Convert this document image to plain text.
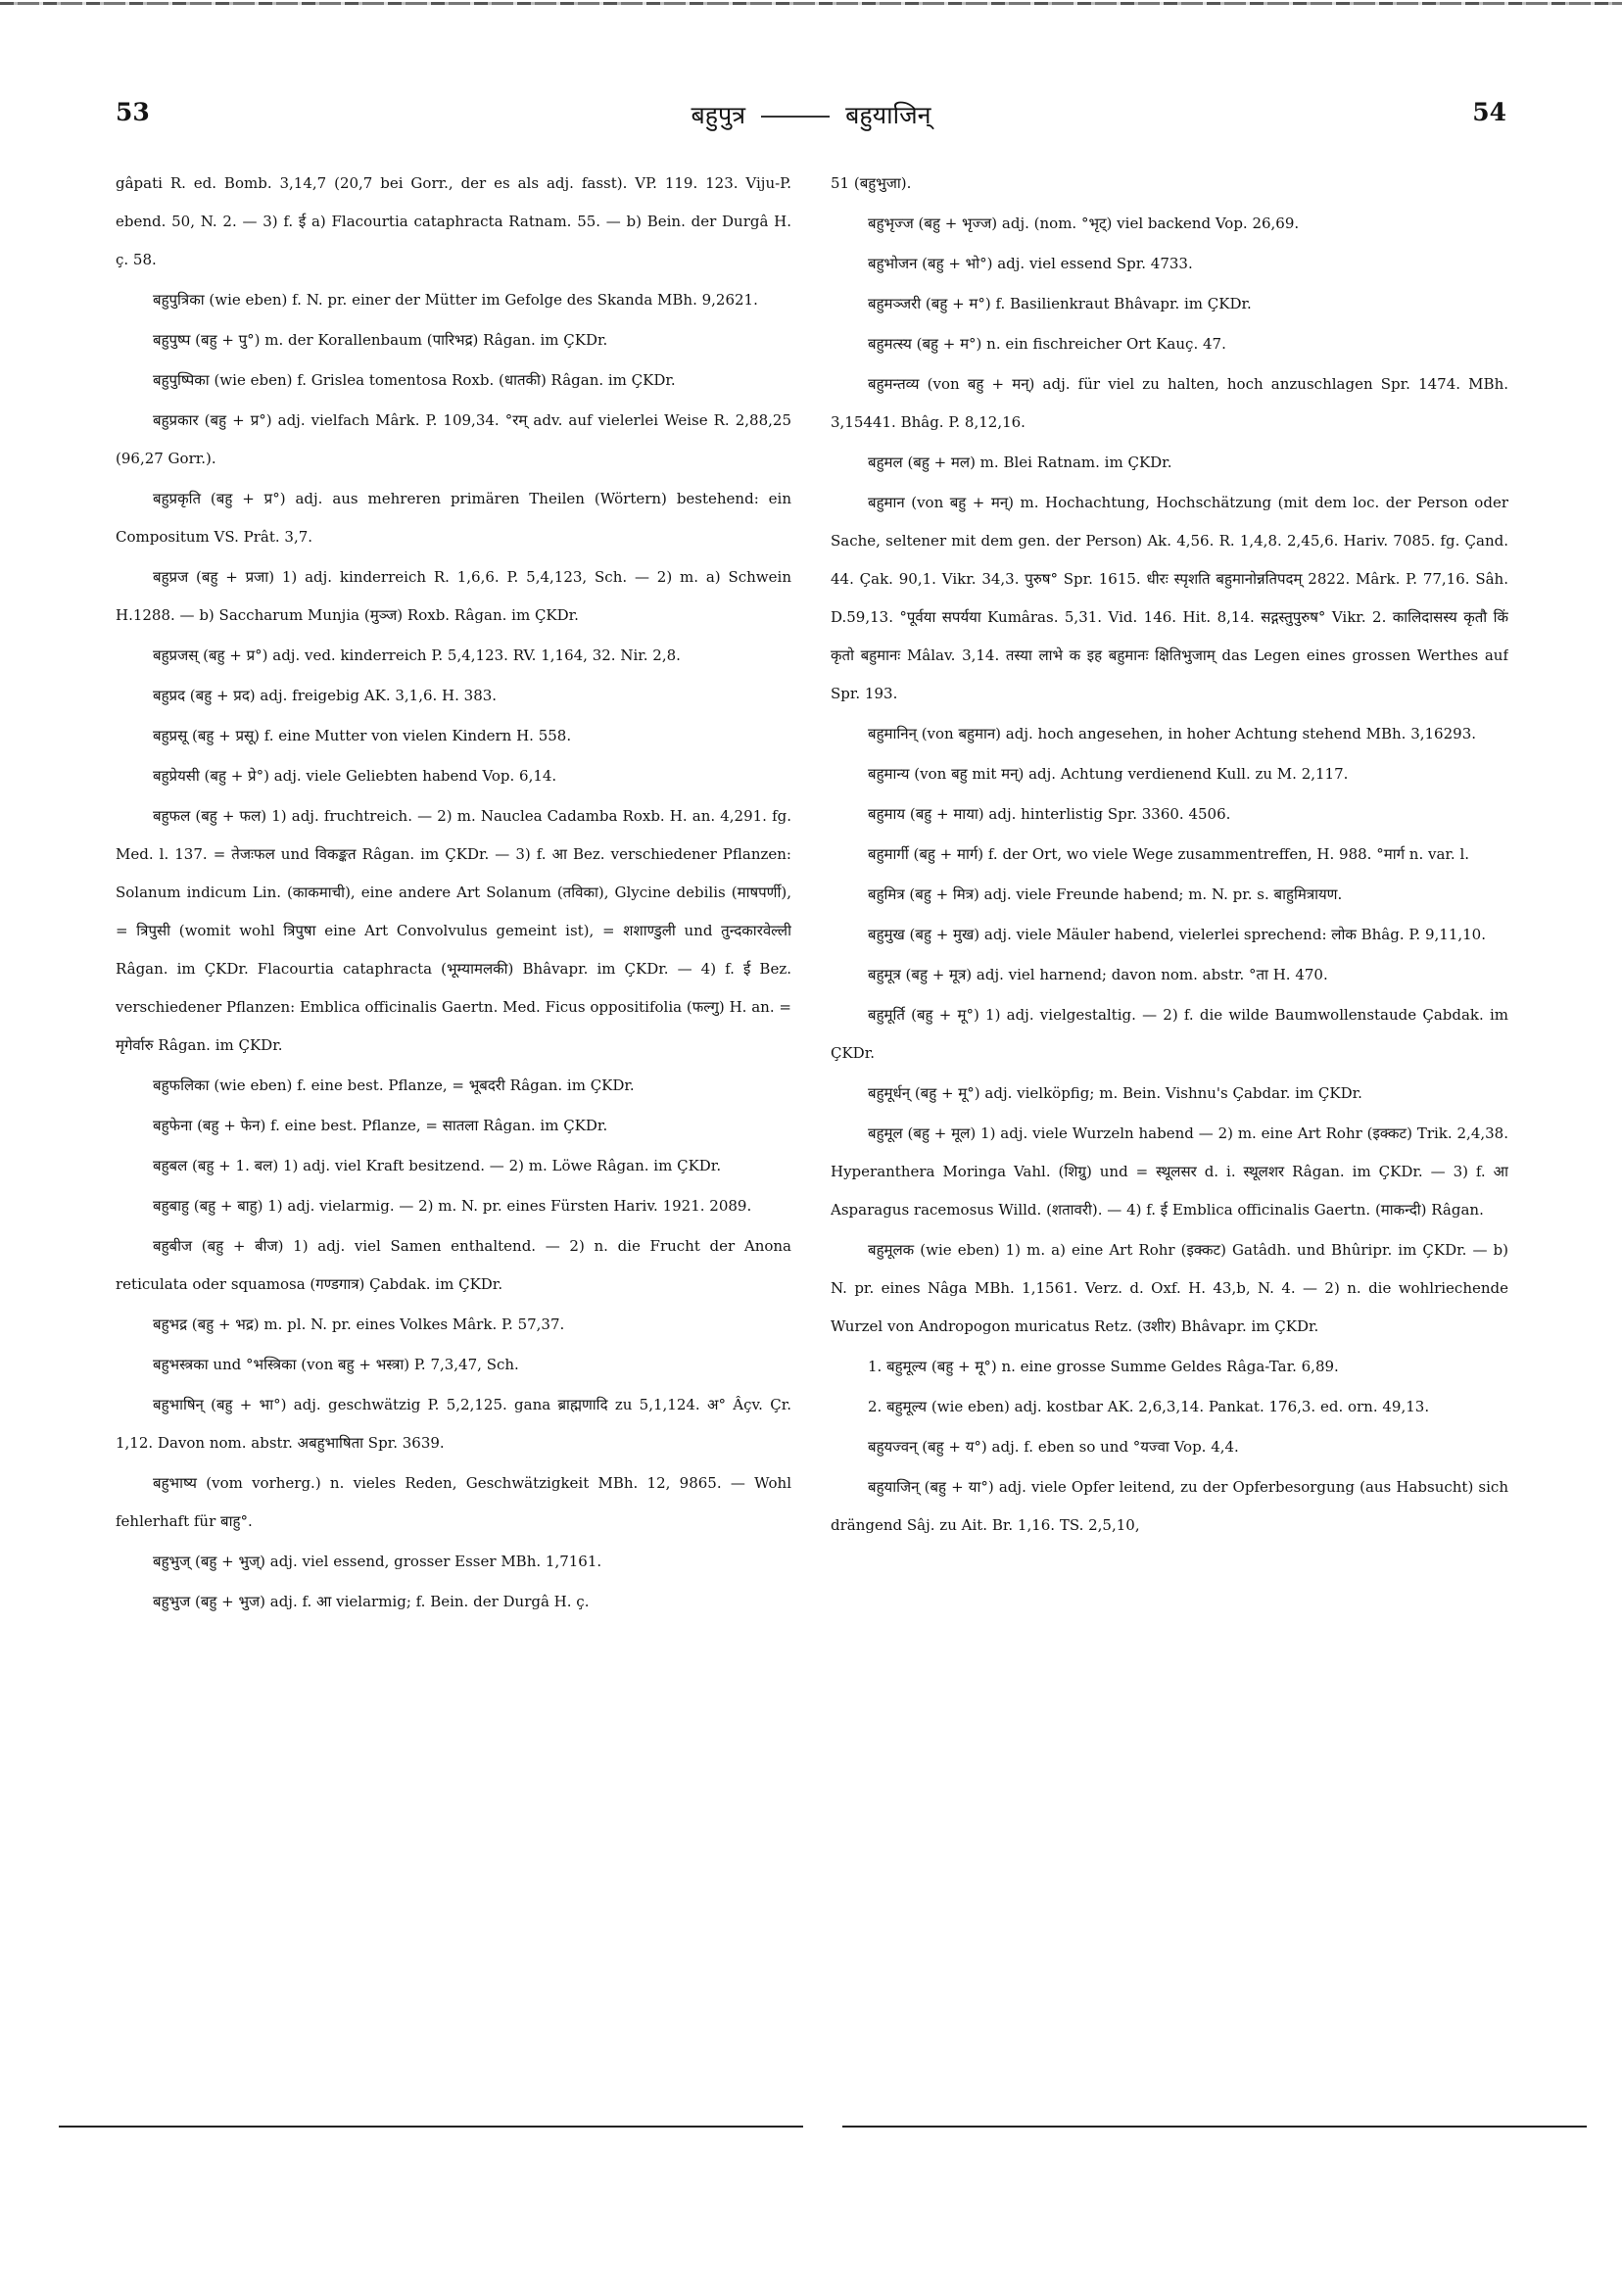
53	बहुपुत्र	बहुयाजिन्	54

gâpati R. ed. Bomb. 3,14,7 (20,7 bei Gorr., der es als adj. fasst). VP. 119. 123. Viju-P. ebend. 50, N. 2. — 3) f. ई a) Flacourtia cataphracta Ratnam. 55. — b) Bein. der Durgâ H. ç. 58.

बहुपुत्रिका (wie eben) f. N. pr. einer der Mütter im Gefolge des Skanda MBh. 9,2621.

बहुपुष्प (बहु + पु°) m. der Korallenbaum (पारिभद्र) Râgan. im ÇKDr.

बहुपुष्पिका (wie eben) f. Grislea tomentosa Roxb. (धातकी) Râgan. im ÇKDr.

बहुप्रकार (बहु + प्र°) adj. vielfach Mârk. P. 109,34. °रम् adv. auf vielerlei Weise R. 2,88,25 (96,27 Gorr.).

बहुप्रकृति (बहु + प्र°) adj. aus mehreren primären Theilen (Wörtern) bestehend: ein Compositum VS. Prât. 3,7.

बहुप्रज (बहु + प्रजा) 1) adj. kinderreich R. 1,6,6. P. 5,4,123, Sch. — 2) m. a) Schwein H.1288. — b) Saccharum Munjia (मुञ्ज) Roxb. Râgan. im ÇKDr.

बहुप्रजस् (बहु + प्र°) adj. ved. kinderreich P. 5,4,123. RV. 1,164, 32. Nir. 2,8.

बहुप्रद (बहु + प्रद) adj. freigebig AK. 3,1,6. H. 383.

बहुप्रसू (बहु + प्रसू) f. eine Mutter von vielen Kindern H. 558.

बहुप्रेयसी (बहु + प्रे°) adj. viele Geliebten habend Vop. 6,14.

बहुफल (बहु + फल) 1) adj. fruchtreich. — 2) m. Nauclea Cadamba Roxb. H. an. 4,291. fg. Med. l. 137. = तेजःफल und विकङ्कत Râgan. im ÇKDr. — 3) f. आ Bez. verschiedener Pflanzen: Solanum indicum Lin. (काकमाची), eine andere Art Solanum (तविका), Glycine debilis (माषपर्णी), = त्रिपुसी (womit wohl त्रिपुषा eine Art Convolvulus gemeint ist), = शशाण्डुली und तुन्दकारवेल्ली Râgan. im ÇKDr. Flacourtia cataphracta (भूम्यामलकी) Bhâvapr. im ÇKDr. — 4) f. ई Bez. verschiedener Pflanzen: Emblica officinalis Gaertn. Med. Ficus oppositifolia (फल्गु) H. an. = मृगेर्वारु Râgan. im ÇKDr.

बहुफलिका (wie eben) f. eine best. Pflanze, = भूबदरी Râgan. im ÇKDr.

बहुफेना (बहु + फेन) f. eine best. Pflanze, = सातला Râgan. im ÇKDr.

बहुबल (बहु + 1. बल) 1) adj. viel Kraft besitzend. — 2) m. Löwe Râgan. im ÇKDr.

बहुबाहु (बहु + बाहु) 1) adj. vielarmig. — 2) m. N. pr. eines Fürsten Hariv. 1921. 2089.

बहुबीज (बहु + बीज) 1) adj. viel Samen enthaltend. — 2) n. die Frucht der Anona reticulata oder squamosa (गण्डगात्र) Çabdak. im ÇKDr.

बहुभद्र (बहु + भद्र) m. pl. N. pr. eines Volkes Mârk. P. 57,37.

बहुभस्त्रका und °भस्त्रिका (von बहु + भस्त्रा) P. 7,3,47, Sch.

बहुभाषिन् (बहु + भा°) adj. geschwätzig P. 5,2,125. gana ब्राह्मणादि zu 5,1,124. अ° Âçv. Çr. 1,12. Davon nom. abstr. अबहुभाषिता Spr. 3639.

बहुभाष्य (vom vorherg.) n. vieles Reden, Geschwätzigkeit MBh. 12, 9865. — Wohl fehlerhaft für बाहु°.

बहुभुज् (बहु + भुज्) adj. viel essend, grosser Esser MBh. 1,7161.

बहुभुज (बहु + भुज) adj. f. आ vielarmig; f. Bein. der Durgâ H. ç.

51 (बहुभुजा).

बहुभृज्ज (बहु + भृज्ज) adj. (nom. °भृट्) viel backend Vop. 26,69.

बहुभोजन (बहु + भो°) adj. viel essend Spr. 4733.

बहुमञ्जरी (बहु + म°) f. Basilienkraut Bhâvapr. im ÇKDr.

बहुमत्स्य (बहु + म°) n. ein fischreicher Ort Kauç. 47.

बहुमन्तव्य (von बहु + मन्) adj. für viel zu halten, hoch anzuschlagen Spr. 1474. MBh. 3,15441. Bhâg. P. 8,12,16.

बहुमल (बहु + मल) m. Blei Ratnam. im ÇKDr.

बहुमान (von बहु + मन्) m. Hochachtung, Hochschätzung (mit dem loc. der Person oder Sache, seltener mit dem gen. der Person) Ak. 4,56. R. 1,4,8. 2,45,6. Hariv. 7085. fg. Çand. 44. Çak. 90,1. Vikr. 34,3. पुरुष° Spr. 1615. धीरः स्पृशति बहुमानोन्नतिपदम् 2822. Mârk. P. 77,16. Sâh. D.59,13. °पूर्वया सपर्यया Kumâras. 5,31. Vid. 146. Hit. 8,14. सद्गस्तुपुरुष° Vikr. 2. कालिदासस्य कृतौ किं कृतो बहुमानः Mâlav. 3,14. तस्या लाभे क इह बहुमानः क्षितिभुजाम् das Legen eines grossen Werthes auf Spr. 193.

बहुमानिन् (von बहुमान) adj. hoch angesehen, in hoher Achtung stehend MBh. 3,16293.

बहुमान्य (von बहु mit मन्) adj. Achtung verdienend Kull. zu M. 2,117.

बहुमाय (बहु + माया) adj. hinterlistig Spr. 3360. 4506.

बहुमार्गी (बहु + मार्ग) f. der Ort, wo viele Wege zusammentreffen, H. 988. °मार्ग n. var. l.

बहुमित्र (बहु + मित्र) adj. viele Freunde habend; m. N. pr. s. बाहुमित्रायण.

बहुमुख (बहु + मुख) adj. viele Mäuler habend, vielerlei sprechend: लोक Bhâg. P. 9,11,10.

बहुमूत्र (बहु + मूत्र) adj. viel harnend; davon nom. abstr. °ता H. 470.

बहुमूर्ति (बहु + मू°) 1) adj. vielgestaltig. — 2) f. die wilde Baumwollenstaude Çabdak. im ÇKDr.

बहुमूर्धन् (बहु + मू°) adj. vielköpfig; m. Bein. Vishnu's Çabdar. im ÇKDr.

बहुमूल (बहु + मूल) 1) adj. viele Wurzeln habend — 2) m. eine Art Rohr (इक्कट) Trik. 2,4,38. Hyperanthera Moringa Vahl. (शिग्रु) und = स्थूलसर d. i. स्थूलशर Râgan. im ÇKDr. — 3) f. आ Asparagus racemosus Willd. (शतावरी). — 4) f. ई Emblica officinalis Gaertn. (माकन्दी) Râgan.

बहुमूलक (wie eben) 1) m. a) eine Art Rohr (इक्कट) Gatâdh. und Bhûripr. im ÇKDr. — b) N. pr. eines Nâga MBh. 1,1561. Verz. d. Oxf. H. 43,b, N. 4. — 2) n. die wohlriechende Wurzel von Andropogon muricatus Retz. (उशीर) Bhâvapr. im ÇKDr.

1. बहुमूल्य (बहु + मू°) n. eine grosse Summe Geldes Râga-Tar. 6,89.

2. बहुमूल्य (wie eben) adj. kostbar AK. 2,6,3,14. Pankat. 176,3. ed. orn. 49,13.

बहुयज्वन् (बहु + य°) adj. f. eben so und °यज्वा Vop. 4,4.

बहुयाजिन् (बहु + या°) adj. viele Opfer leitend, zu der Opferbesorgung (aus Habsucht) sich drängend Sâj. zu Ait. Br. 1,16. TS. 2,5,10,
